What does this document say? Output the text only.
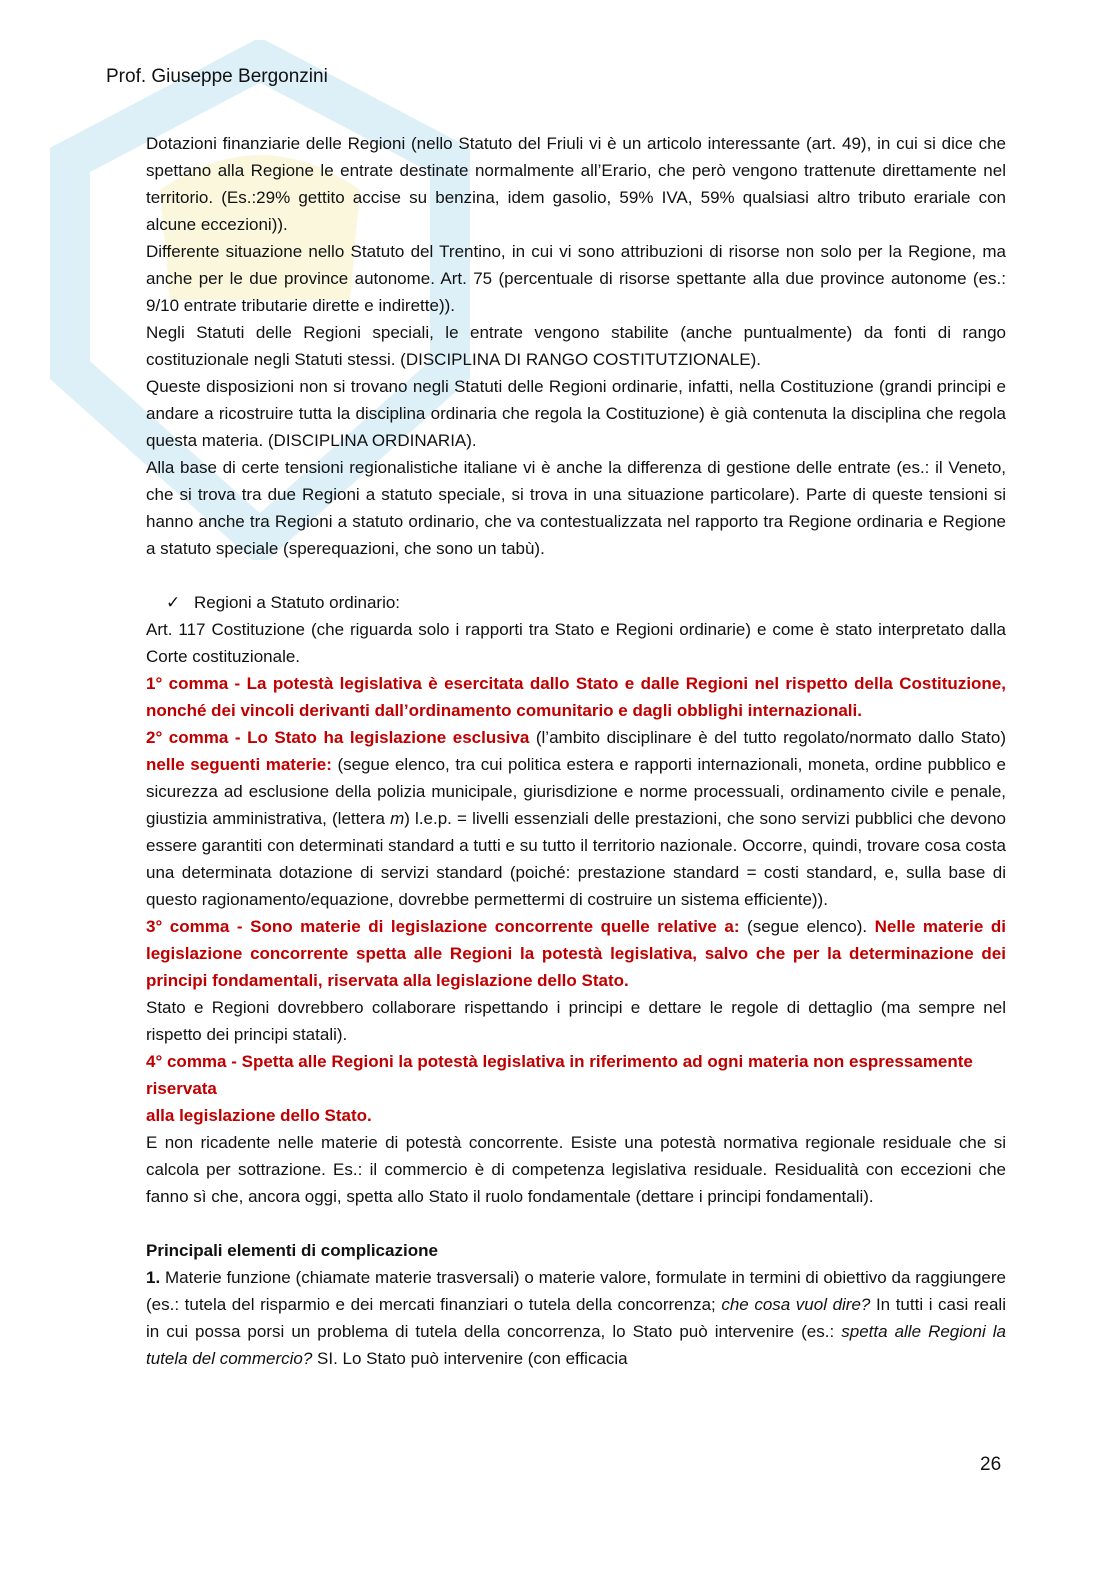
Prof. Giuseppe Bergonzini

Dotazioni finanziarie delle Regioni (nello Statuto del Friuli vi è un articolo interessante (art. 49), in cui si dice che spettano alla Regione le entrate destinate normalmente all’Erario, che però vengono trattenute direttamente nel territorio. (Es.:29% gettito accise su benzina, idem gasolio, 59% IVA, 59% qualsiasi altro tributo erariale con alcune eccezioni)).

Differente situazione nello Statuto del Trentino, in cui vi sono attribuzioni di risorse non solo per la Regione, ma anche per le due province autonome. Art. 75 (percentuale di risorse spettante alla due province autonome (es.: 9/10 entrate tributarie dirette e indirette)).

Negli Statuti delle Regioni speciali, le entrate vengono stabilite (anche puntualmente) da fonti di rango costituzionale negli Statuti stessi. (DISCIPLINA DI RANGO COSTITUTZIONALE).

Queste disposizioni non si trovano negli Statuti delle Regioni ordinarie, infatti, nella Costituzione (grandi principi e andare a ricostruire tutta la disciplina ordinaria che regola la Costituzione) è già contenuta la disciplina che regola questa materia. (DISCIPLINA ORDINARIA).

Alla base di certe tensioni regionalistiche italiane vi è anche la differenza di gestione delle entrate (es.: il Veneto, che si trova tra due Regioni a statuto speciale, si trova in una situazione particolare). Parte di queste tensioni si hanno anche tra Regioni a statuto ordinario, che va contestualizzata nel rapporto tra Regione ordinaria e Regione a statuto speciale (sperequazioni, che sono un tabù).

✓ Regioni a Statuto ordinario:

Art. 117 Costituzione (che riguarda solo i rapporti tra Stato e Regioni ordinarie) e come è stato interpretato dalla Corte costituzionale.

1° comma - La potestà legislativa è esercitata dallo Stato e dalle Regioni nel rispetto della Costituzione, nonché dei vincoli derivanti dall’ordinamento comunitario e dagli obblighi internazionali.

2° comma - Lo Stato ha legislazione esclusiva (l’ambito disciplinare è del tutto regolato/normato dallo Stato) nelle seguenti materie: (segue elenco, tra cui politica estera e rapporti internazionali, moneta, ordine pubblico e sicurezza ad esclusione della polizia municipale, giurisdizione e norme processuali, ordinamento civile e penale, giustizia amministrativa, (lettera m) l.e.p. = livelli essenziali delle prestazioni, che sono servizi pubblici che devono essere garantiti con determinati standard a tutti e su tutto il territorio nazionale. Occorre, quindi, trovare cosa costa una determinata dotazione di servizi standard (poiché: prestazione standard = costi standard, e, sulla base di questo ragionamento/equazione, dovrebbe permettermi di costruire un sistema efficiente)).

3° comma - Sono materie di legislazione concorrente quelle relative a: (segue elenco). Nelle materie di legislazione concorrente spetta alle Regioni la potestà legislativa, salvo che per la determinazione dei principi fondamentali, riservata alla legislazione dello Stato.

Stato e Regioni dovrebbero collaborare rispettando i principi e dettare le regole di dettaglio (ma sempre nel rispetto dei principi statali).

4° comma - Spetta alle Regioni la potestà legislativa in riferimento ad ogni materia non espressamente riservata
alla legislazione dello Stato.

E non ricadente nelle materie di potestà concorrente. Esiste una potestà normativa regionale residuale che si calcola per sottrazione. Es.: il commercio è di competenza legislativa residuale. Residualità con eccezioni che fanno sì che, ancora oggi, spetta allo Stato il ruolo fondamentale (dettare i principi fondamentali).

Principali elementi di complicazione

1. Materie funzione (chiamate materie trasversali) o materie valore, formulate in termini di obiettivo da raggiungere (es.: tutela del risparmio e dei mercati finanziari o tutela della concorrenza; che cosa vuol dire? In tutti i casi reali in cui possa porsi un problema di tutela della concorrenza, lo Stato può intervenire (es.: spetta alle Regioni la tutela del commercio? SI. Lo Stato può intervenire (con efficacia

26
